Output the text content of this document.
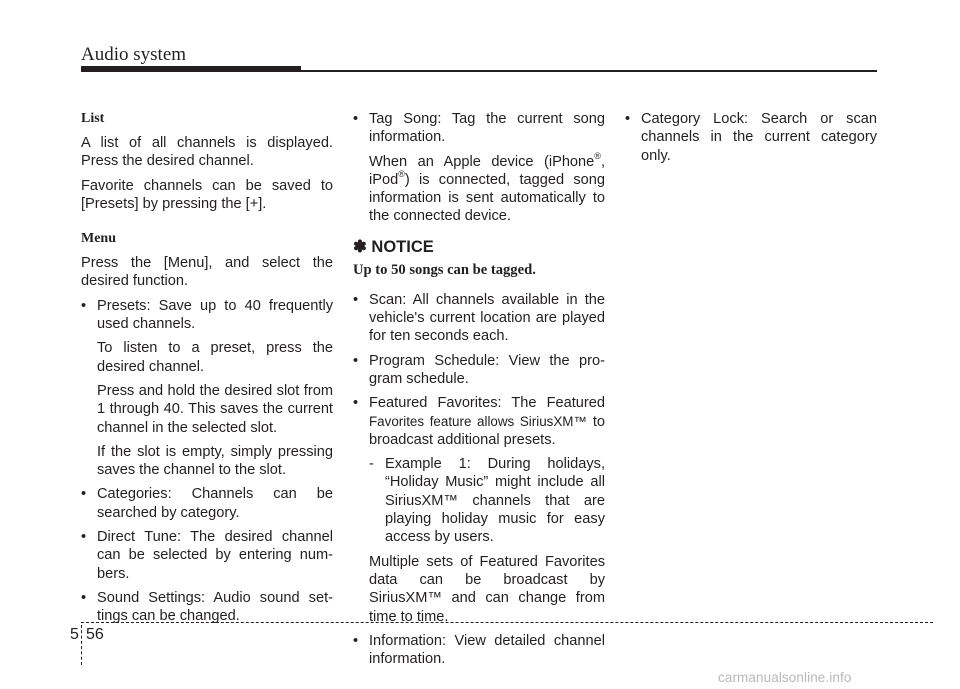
Audio system
List

A list of all channels is displayed. Press the desired channel.

Favorite channels can be saved to [Presets] by pressing the [+].

Menu

Press the [Menu], and select the desired function.

• Presets: Save up to 40 frequently used channels.

To listen to a preset, press the desired channel.

Press and hold the desired slot from 1 through 40. This saves the current channel in the selected slot.

If the slot is empty, simply pressing saves the channel to the slot.

• Categories: Channels can be searched by category.
• Direct Tune: The desired channel can be selected by entering num-bers.
• Sound Settings: Audio sound set-tings can be changed.
• Tag Song: Tag the current song information.

When an Apple device (iPhone®, iPod®) is connected, tagged song information is sent automatically to the connected device.

✽ NOTICE
Up to 50 songs can be tagged.
• Scan: All channels available in the vehicle's current location are played for ten seconds each.
• Program Schedule: View the pro-gram schedule.
• Featured Favorites: The Featured Favorites feature allows SiriusXM™ to broadcast additional presets.
- Example 1: During holidays, “Holiday Music” might include all SiriusXM™ channels that are playing holiday music for easy access by users.

Multiple sets of Featured Favorites data can be broadcast by SiriusXM™ and can change from time to time.

• Information: View detailed channel information.
• Category Lock: Search or scan channels in the current category only.
5 56
carmanualsonline.info
